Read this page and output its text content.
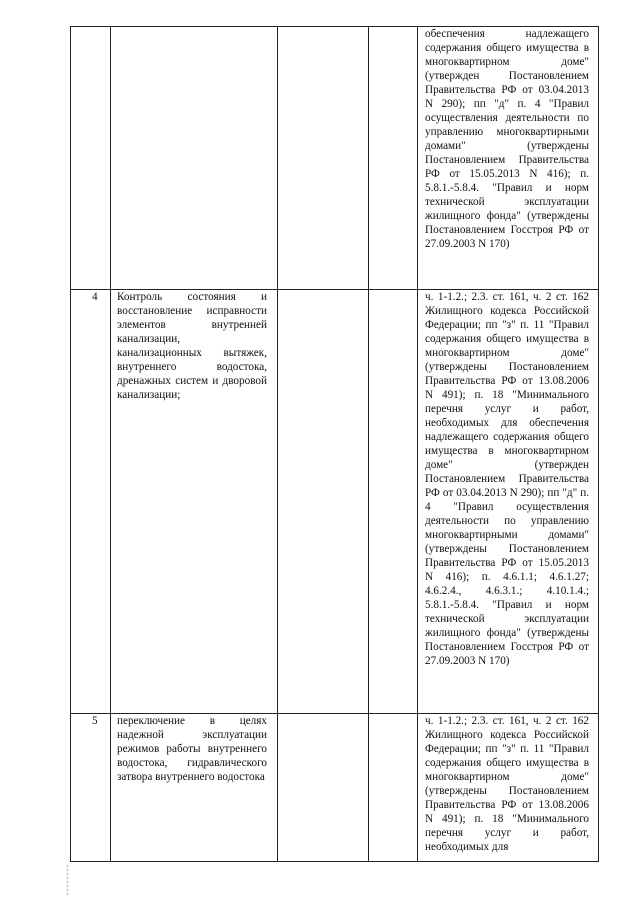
				обеспечения надлежащего содержания общего имущества в многоквартирном доме" (утвержден Постановлением Правительства РФ от 03.04.2013 N 290); пп "д" п. 4 "Правил осуществления деятельности по управлению многоквартирными домами" (утверждены Постановлением Правительства РФ от 15.05.2013 N 416); п. 5.8.1.-5.8.4. "Правил и норм технической эксплуатации жилищного фонда" (утверждены Постановлением Госстроя РФ от 27.09.2003 N 170)
4	Контроль состояния и восстановление исправности элементов внутренней канализации, канализационных вытяжек, внутреннего водостока, дренажных систем и дворовой канализации;			ч. 1-1.2.; 2.3. ст. 161, ч. 2 ст. 162 Жилищного кодекса Российской Федерации; пп "з" п. 11 "Правил содержания общего имущества в многоквартирном доме" (утверждены Постановлением Правительства РФ от 13.08.2006 N 491); п. 18 "Минимального перечня услуг и работ, необходимых для обеспечения надлежащего содержания общего имущества в многоквартирном доме" (утвержден Постановлением Правительства РФ от 03.04.2013 N 290); пп "д" п. 4 "Правил осуществления деятельности по управлению многоквартирными домами" (утверждены Постановлением Правительства РФ от 15.05.2013 N 416); п. 4.6.1.1; 4.6.1.27; 4.6.2.4., 4.6.3.1.; 4.10.1.4.; 5.8.1.-5.8.4. "Правил и норм технической эксплуатации жилищного фонда" (утверждены Постановлением Госстроя РФ от 27.09.2003 N 170)
5	переключение в целях надежной эксплуатации режимов работы внутреннего водостока, гидравлического затвора внутреннего водостока			ч. 1-1.2.; 2.3. ст. 161, ч. 2 ст. 162 Жилищного кодекса Российской Федерации; пп "з" п. 11 "Правил содержания общего имущества в многоквартирном доме" (утверждены Постановлением Правительства РФ от 13.08.2006 N 491); п. 18 "Минимального перечня услуг и работ, необходимых для
